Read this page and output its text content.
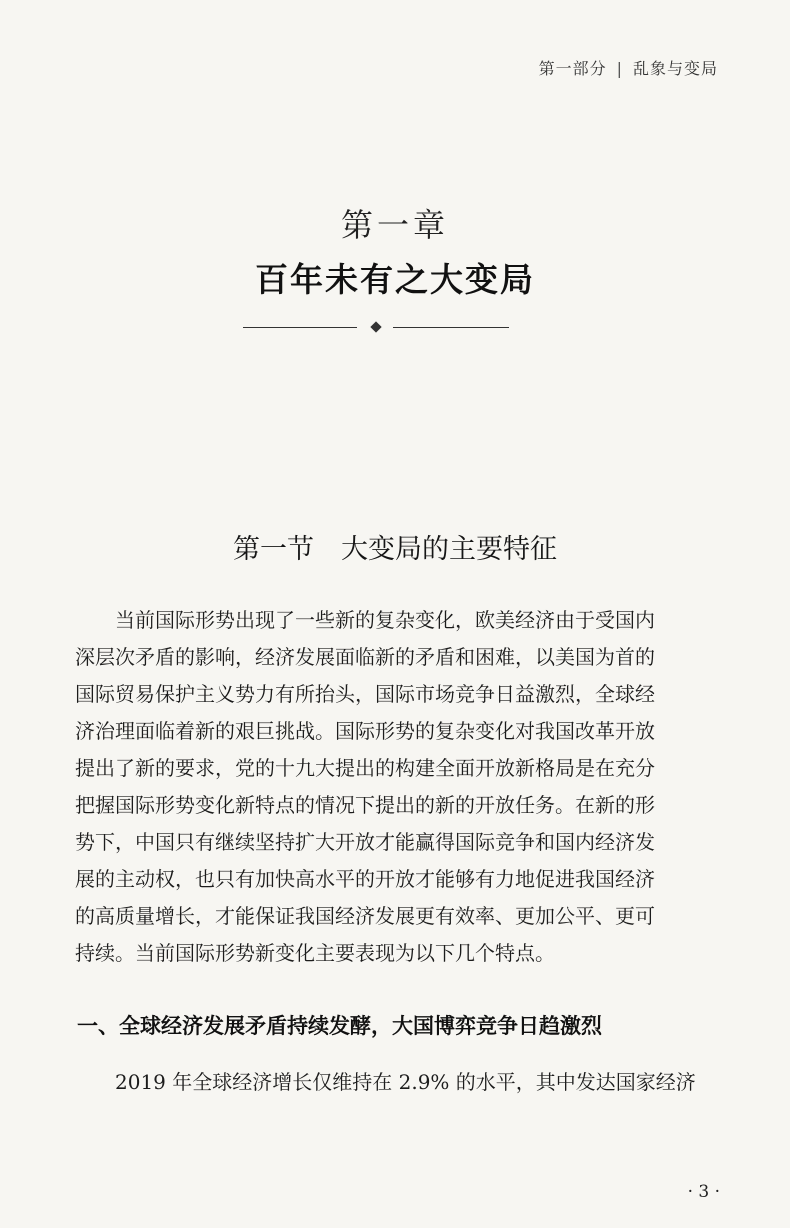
第一部分 | 乱象与变局
第一章
百年未有之大变局
第一节　大变局的主要特征
　　当前国际形势出现了一些新的复杂变化，欧美经济由于受国内
深层次矛盾的影响，经济发展面临新的矛盾和困难，以美国为首的
国际贸易保护主义势力有所抬头，国际市场竞争日益激烈，全球经
济治理面临着新的艰巨挑战。国际形势的复杂变化对我国改革开放
提出了新的要求，党的十九大提出的构建全面开放新格局是在充分
把握国际形势变化新特点的情况下提出的新的开放任务。在新的形
势下，中国只有继续坚持扩大开放才能赢得国际竞争和国内经济发
展的主动权，也只有加快高水平的开放才能够有力地促进我国经济
的高质量增长，才能保证我国经济发展更有效率、更加公平、更可
持续。当前国际形势新变化主要表现为以下几个特点。
一、全球经济发展矛盾持续发酵，大国博弈竞争日趋激烈
　　2019 年全球经济增长仅维持在 2.9% 的水平，其中发达国家经济
· 3 ·
